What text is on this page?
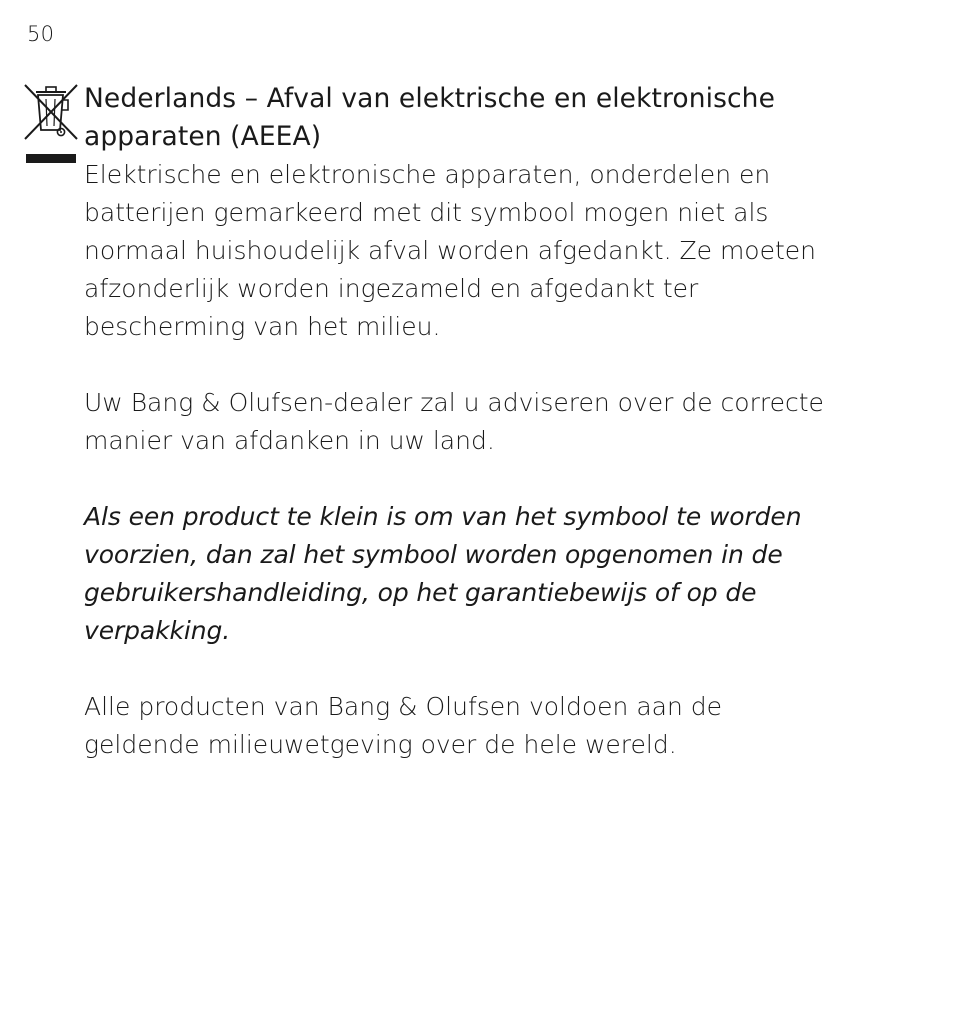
50
Nederlands – Afval van elektrische en elektronische
apparaten (AEEA)

Elektrische en elektronische apparaten, onderdelen en
batterijen gemarkeerd met dit symbool mogen niet als
normaal huishoudelijk afval worden afgedankt. Ze moeten
afzonderlijk worden ingezameld en afgedankt ter
bescherming van het milieu.

Uw Bang & Olufsen-dealer zal u adviseren over de correcte
manier van afdanken in uw land.

Als een product te klein is om van het symbool te worden
voorzien, dan zal het symbool worden opgenomen in de
gebruikershandleiding, op het garantiebewijs of op de
verpakking.

Alle producten van Bang & Olufsen voldoen aan de
geldende milieuwetgeving over de hele wereld.
